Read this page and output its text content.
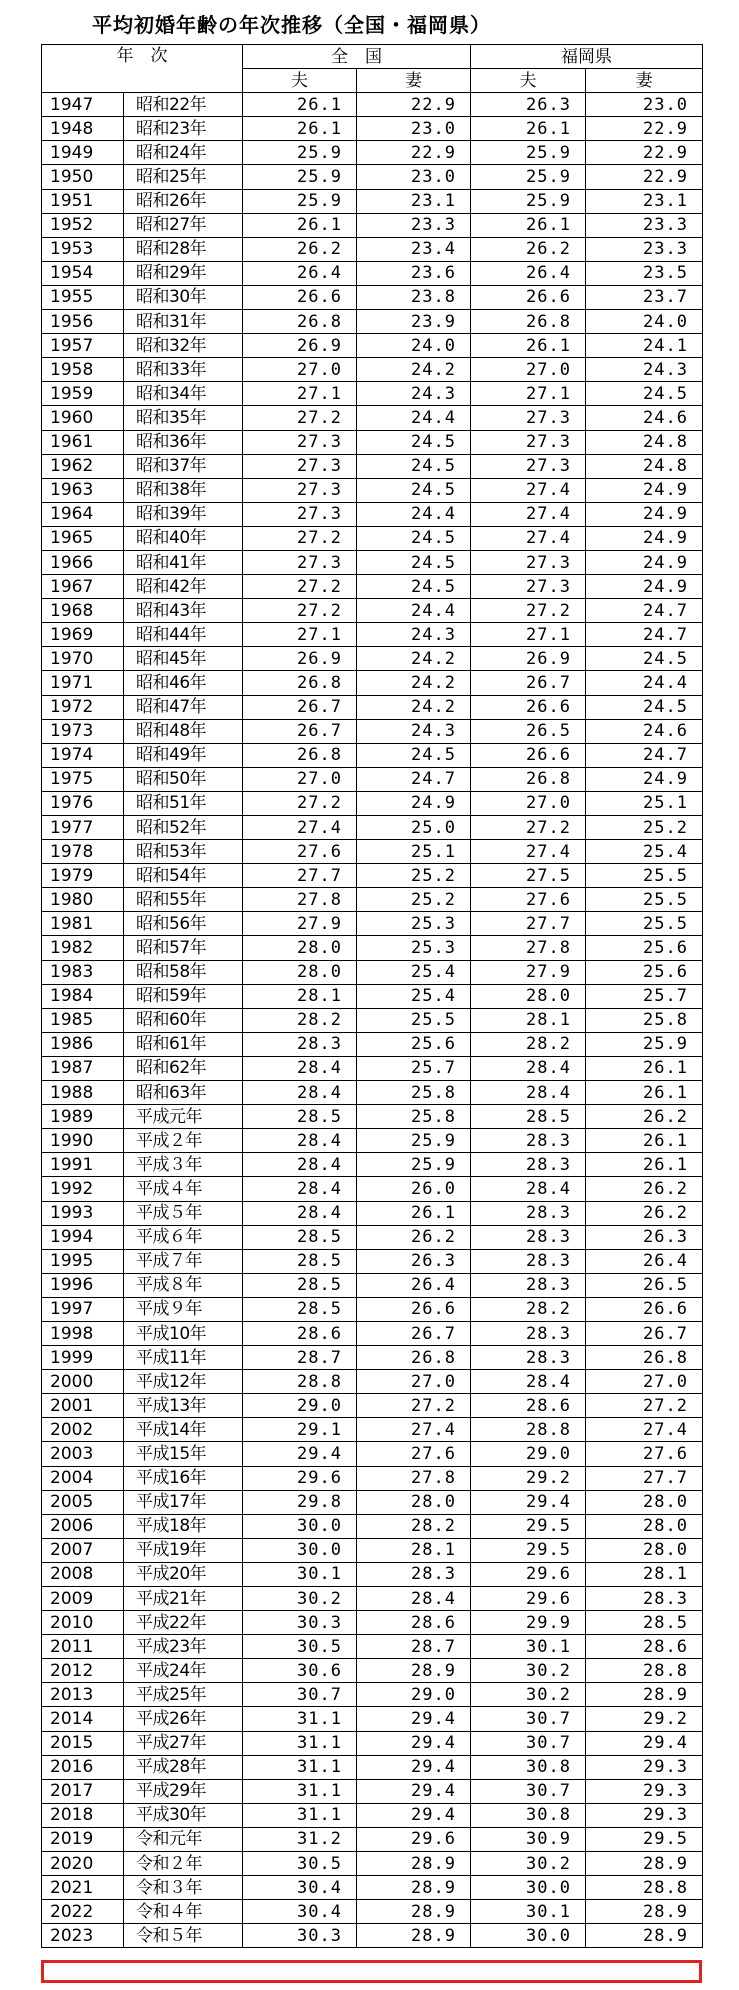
平均初婚年齢の年次推移（全国・福岡県）
年　次		全　国		福岡県	
		夫	妻	夫	妻
1947	昭和22年	26.1	22.9	26.3	23.0
1948	昭和23年	26.1	23.0	26.1	22.9
1949	昭和24年	25.9	22.9	25.9	22.9
1950	昭和25年	25.9	23.0	25.9	22.9
1951	昭和26年	25.9	23.1	25.9	23.1
1952	昭和27年	26.1	23.3	26.1	23.3
1953	昭和28年	26.2	23.4	26.2	23.3
1954	昭和29年	26.4	23.6	26.4	23.5
1955	昭和30年	26.6	23.8	26.6	23.7
1956	昭和31年	26.8	23.9	26.8	24.0
1957	昭和32年	26.9	24.0	26.1	24.1
1958	昭和33年	27.0	24.2	27.0	24.3
1959	昭和34年	27.1	24.3	27.1	24.5
1960	昭和35年	27.2	24.4	27.3	24.6
1961	昭和36年	27.3	24.5	27.3	24.8
1962	昭和37年	27.3	24.5	27.3	24.8
1963	昭和38年	27.3	24.5	27.4	24.9
1964	昭和39年	27.3	24.4	27.4	24.9
1965	昭和40年	27.2	24.5	27.4	24.9
1966	昭和41年	27.3	24.5	27.3	24.9
1967	昭和42年	27.2	24.5	27.3	24.9
1968	昭和43年	27.2	24.4	27.2	24.7
1969	昭和44年	27.1	24.3	27.1	24.7
1970	昭和45年	26.9	24.2	26.9	24.5
1971	昭和46年	26.8	24.2	26.7	24.4
1972	昭和47年	26.7	24.2	26.6	24.5
1973	昭和48年	26.7	24.3	26.5	24.6
1974	昭和49年	26.8	24.5	26.6	24.7
1975	昭和50年	27.0	24.7	26.8	24.9
1976	昭和51年	27.2	24.9	27.0	25.1
1977	昭和52年	27.4	25.0	27.2	25.2
1978	昭和53年	27.6	25.1	27.4	25.4
1979	昭和54年	27.7	25.2	27.5	25.5
1980	昭和55年	27.8	25.2	27.6	25.5
1981	昭和56年	27.9	25.3	27.7	25.5
1982	昭和57年	28.0	25.3	27.8	25.6
1983	昭和58年	28.0	25.4	27.9	25.6
1984	昭和59年	28.1	25.4	28.0	25.7
1985	昭和60年	28.2	25.5	28.1	25.8
1986	昭和61年	28.3	25.6	28.2	25.9
1987	昭和62年	28.4	25.7	28.4	26.1
1988	昭和63年	28.4	25.8	28.4	26.1
1989	平成元年	28.5	25.8	28.5	26.2
1990	平成２年	28.4	25.9	28.3	26.1
1991	平成３年	28.4	25.9	28.3	26.1
1992	平成４年	28.4	26.0	28.4	26.2
1993	平成５年	28.4	26.1	28.3	26.2
1994	平成６年	28.5	26.2	28.3	26.3
1995	平成７年	28.5	26.3	28.3	26.4
1996	平成８年	28.5	26.4	28.3	26.5
1997	平成９年	28.5	26.6	28.2	26.6
1998	平成10年	28.6	26.7	28.3	26.7
1999	平成11年	28.7	26.8	28.3	26.8
2000	平成12年	28.8	27.0	28.4	27.0
2001	平成13年	29.0	27.2	28.6	27.2
2002	平成14年	29.1	27.4	28.8	27.4
2003	平成15年	29.4	27.6	29.0	27.6
2004	平成16年	29.6	27.8	29.2	27.7
2005	平成17年	29.8	28.0	29.4	28.0
2006	平成18年	30.0	28.2	29.5	28.0
2007	平成19年	30.0	28.1	29.5	28.0
2008	平成20年	30.1	28.3	29.6	28.1
2009	平成21年	30.2	28.4	29.6	28.3
2010	平成22年	30.3	28.6	29.9	28.5
2011	平成23年	30.5	28.7	30.1	28.6
2012	平成24年	30.6	28.9	30.2	28.8
2013	平成25年	30.7	29.0	30.2	28.9
2014	平成26年	31.1	29.4	30.7	29.2
2015	平成27年	31.1	29.4	30.7	29.4
2016	平成28年	31.1	29.4	30.8	29.3
2017	平成29年	31.1	29.4	30.7	29.3
2018	平成30年	31.1	29.4	30.8	29.3
2019	令和元年	31.2	29.6	30.9	29.5
2020	令和２年	30.5	28.9	30.2	28.9
2021	令和３年	30.4	28.9	30.0	28.8
2022	令和４年	30.4	28.9	30.1	28.9
2023	令和５年	30.3	28.9	30.0	28.9
